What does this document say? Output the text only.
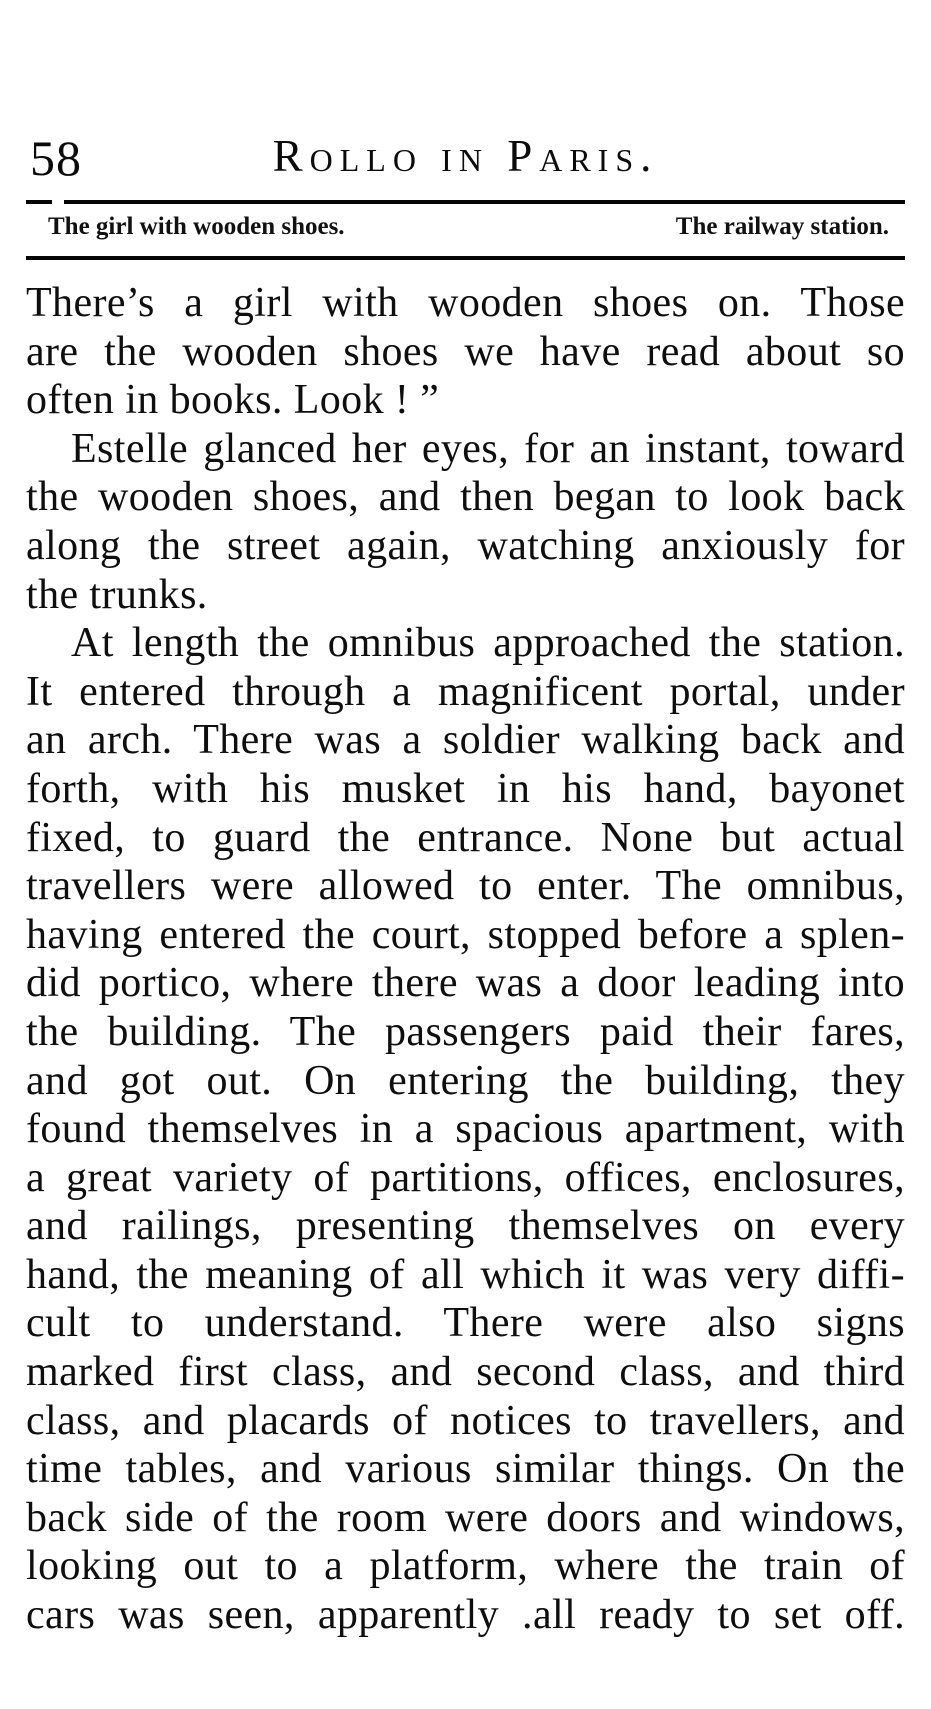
58	Rollo in Paris.
The girl with wooden shoes.	The railway station.
There’s a girl with wooden shoes on. Those
are the wooden shoes we have read about so
often in books. Look ! ”
Estelle glanced her eyes, for an instant, toward
the wooden shoes, and then began to look back
along the street again, watching anxiously for
the trunks.
At length the omnibus approached the station.
It entered through a magnificent portal, under
an arch. There was a soldier walking back and
forth, with his musket in his hand, bayonet
fixed, to guard the entrance. None but actual
travellers were allowed to enter. The omnibus,
having entered the court, stopped before a splen-
did portico, where there was a door leading into
the building. The passengers paid their fares,
and got out. On entering the building, they
found themselves in a spacious apartment, with
a great variety of partitions, offices, enclosures,
and railings, presenting themselves on every
hand, the meaning of all which it was very diffi-
cult to understand. There were also signs
marked first class, and second class, and third
class, and placards of notices to travellers, and
time tables, and various similar things. On the
back side of the room were doors and windows,
looking out to a platform, where the train of
cars was seen, apparently .all ready to set off.
